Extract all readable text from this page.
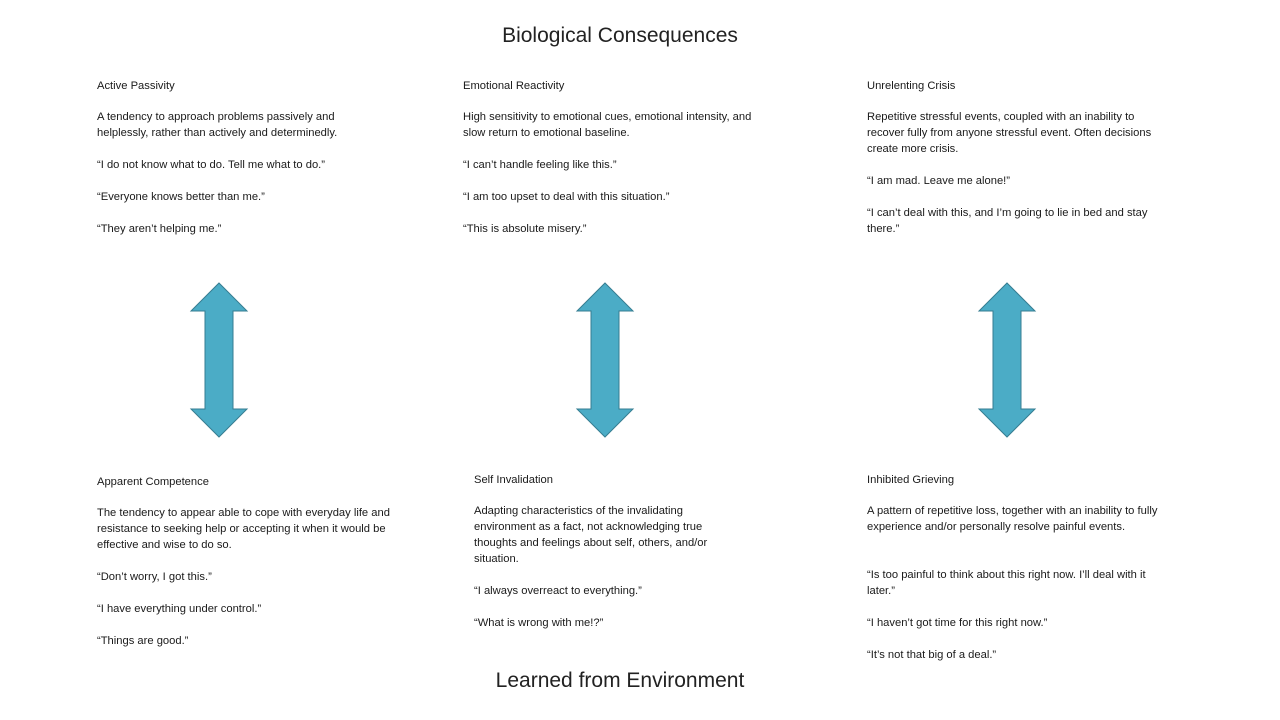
Biological Consequences
Active Passivity
A tendency to approach problems passively and helplessly, rather than actively and determinedly.
“I do not know what to do. Tell me what to do.”
“Everyone knows better than me.”
“They aren’t helping me.”
Emotional Reactivity
High sensitivity to emotional cues, emotional intensity, and slow return to emotional baseline.
“I can’t handle feeling like this.”
“I am too upset to deal with this situation.”
“This is absolute misery.”
Unrelenting Crisis
Repetitive stressful events, coupled with an inability to recover fully from anyone stressful event. Often decisions create more crisis.
“I am mad. Leave me alone!”
“I can’t deal with this, and I’m going to lie in bed and stay there.”
Apparent Competence
The tendency to appear able to cope with everyday life and resistance to seeking help or accepting it when it would be effective and wise to do so.
“Don’t worry, I got this.”
“I have everything under control.”
“Things are good.”
Self Invalidation
Adapting characteristics of the invalidating environment as a fact, not acknowledging true thoughts and feelings about self, others, and/or situation.
“I always overreact to everything.”
“What is wrong with me!?”
Inhibited Grieving
A pattern of repetitive loss, together with an inability to fully experience and/or personally resolve painful events.
“Is too painful to think about this right now. I’ll deal with it later.”
“I haven’t got time for this right now.”
“It’s not that big of a deal.”
Learned from Environment
